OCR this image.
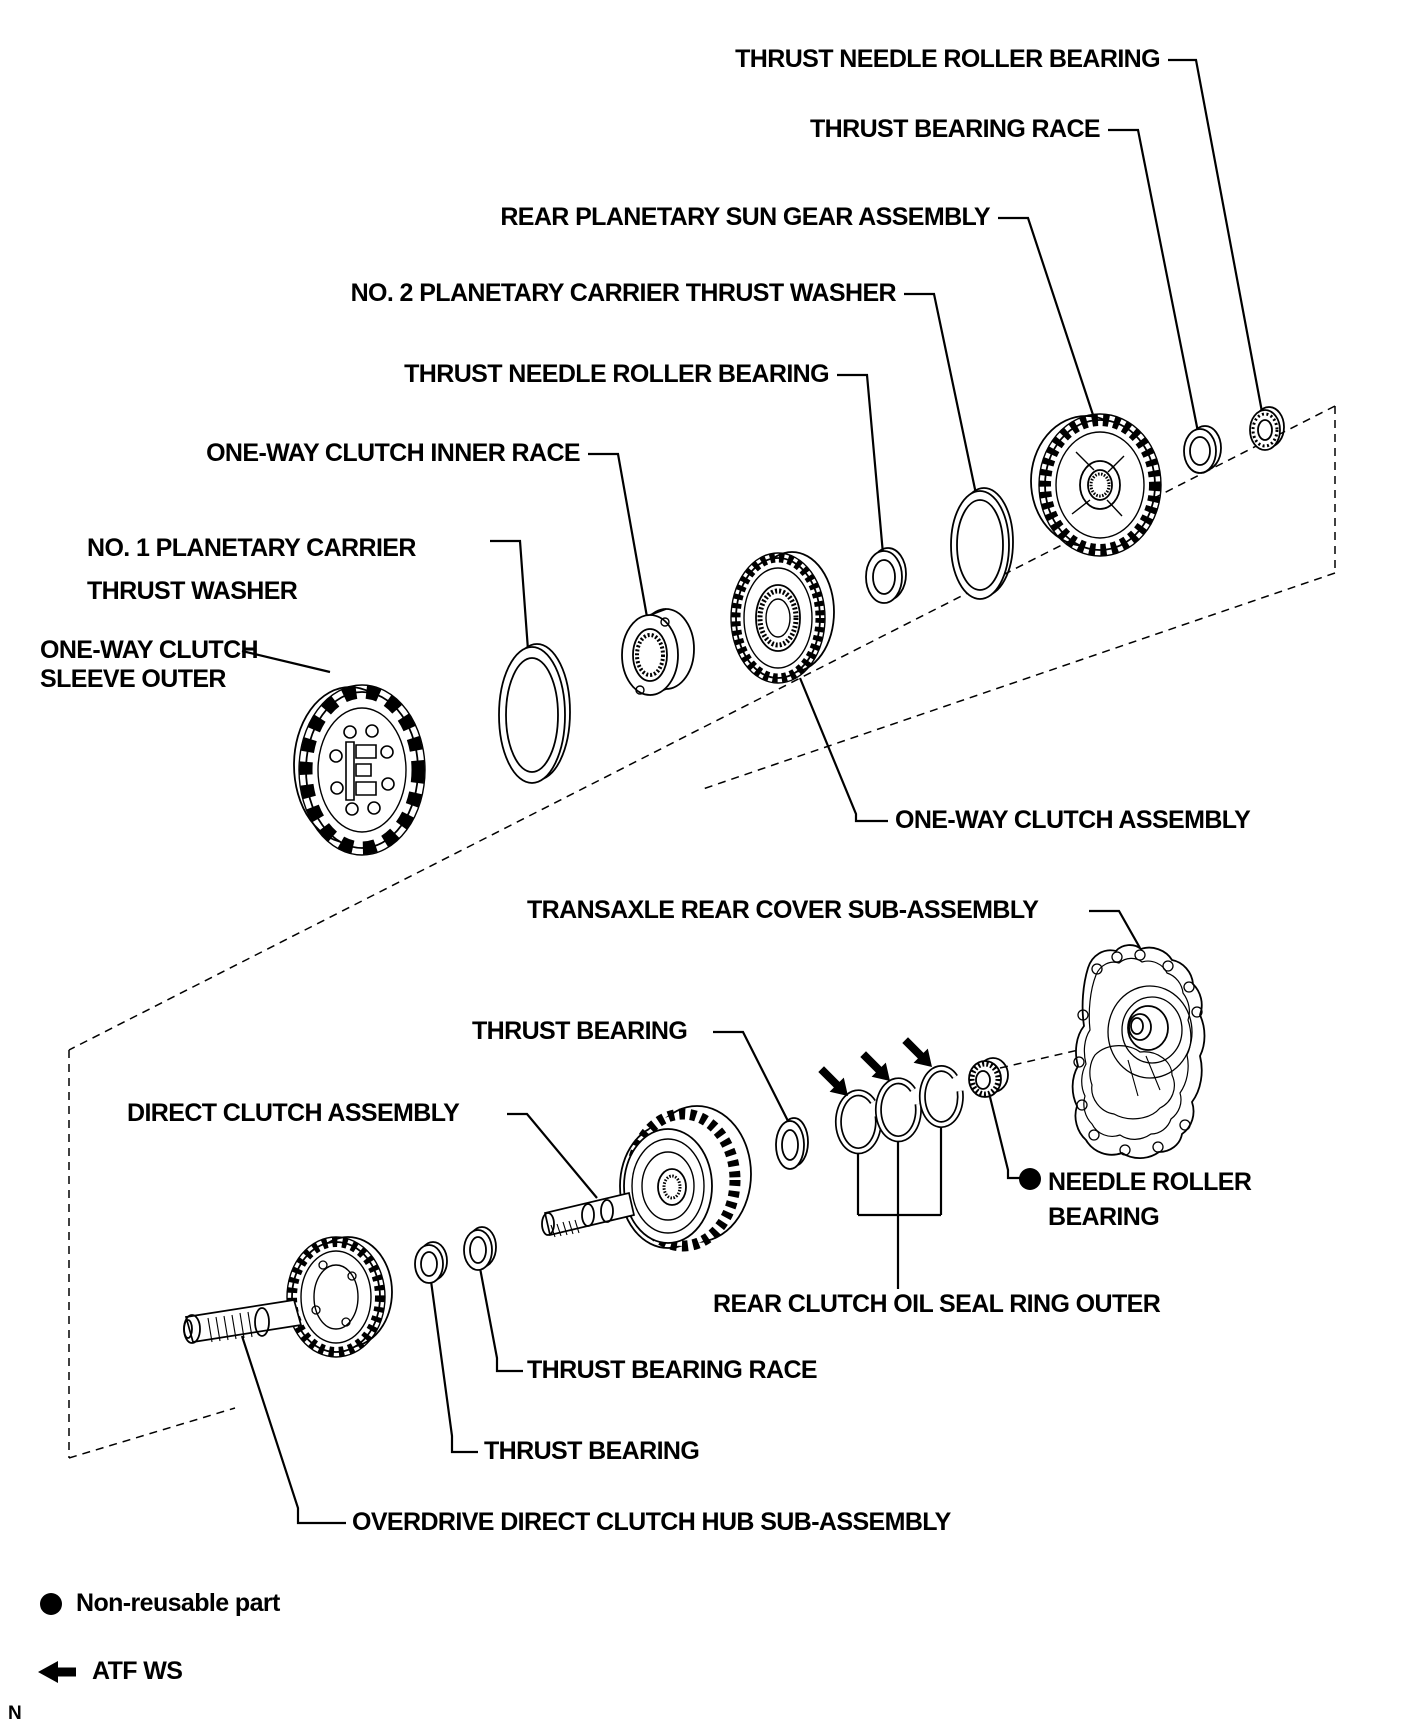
THRUST NEEDLE ROLLER BEARING
THRUST BEARING RACE
REAR PLANETARY SUN GEAR ASSEMBLY
NO. 2 PLANETARY CARRIER THRUST WASHER
THRUST NEEDLE ROLLER BEARING
ONE-WAY CLUTCH INNER RACE
NO. 1 PLANETARY CARRIER
THRUST WASHER
ONE-WAY CLUTCH
SLEEVE OUTER
ONE-WAY CLUTCH ASSEMBLY
TRANSAXLE REAR COVER SUB-ASSEMBLY
THRUST BEARING
DIRECT CLUTCH ASSEMBLY
NEEDLE ROLLER
BEARING
REAR CLUTCH OIL SEAL RING OUTER
THRUST BEARING RACE
THRUST BEARING
OVERDRIVE DIRECT CLUTCH HUB SUB-ASSEMBLY
Non-reusable part
ATF WS
N
